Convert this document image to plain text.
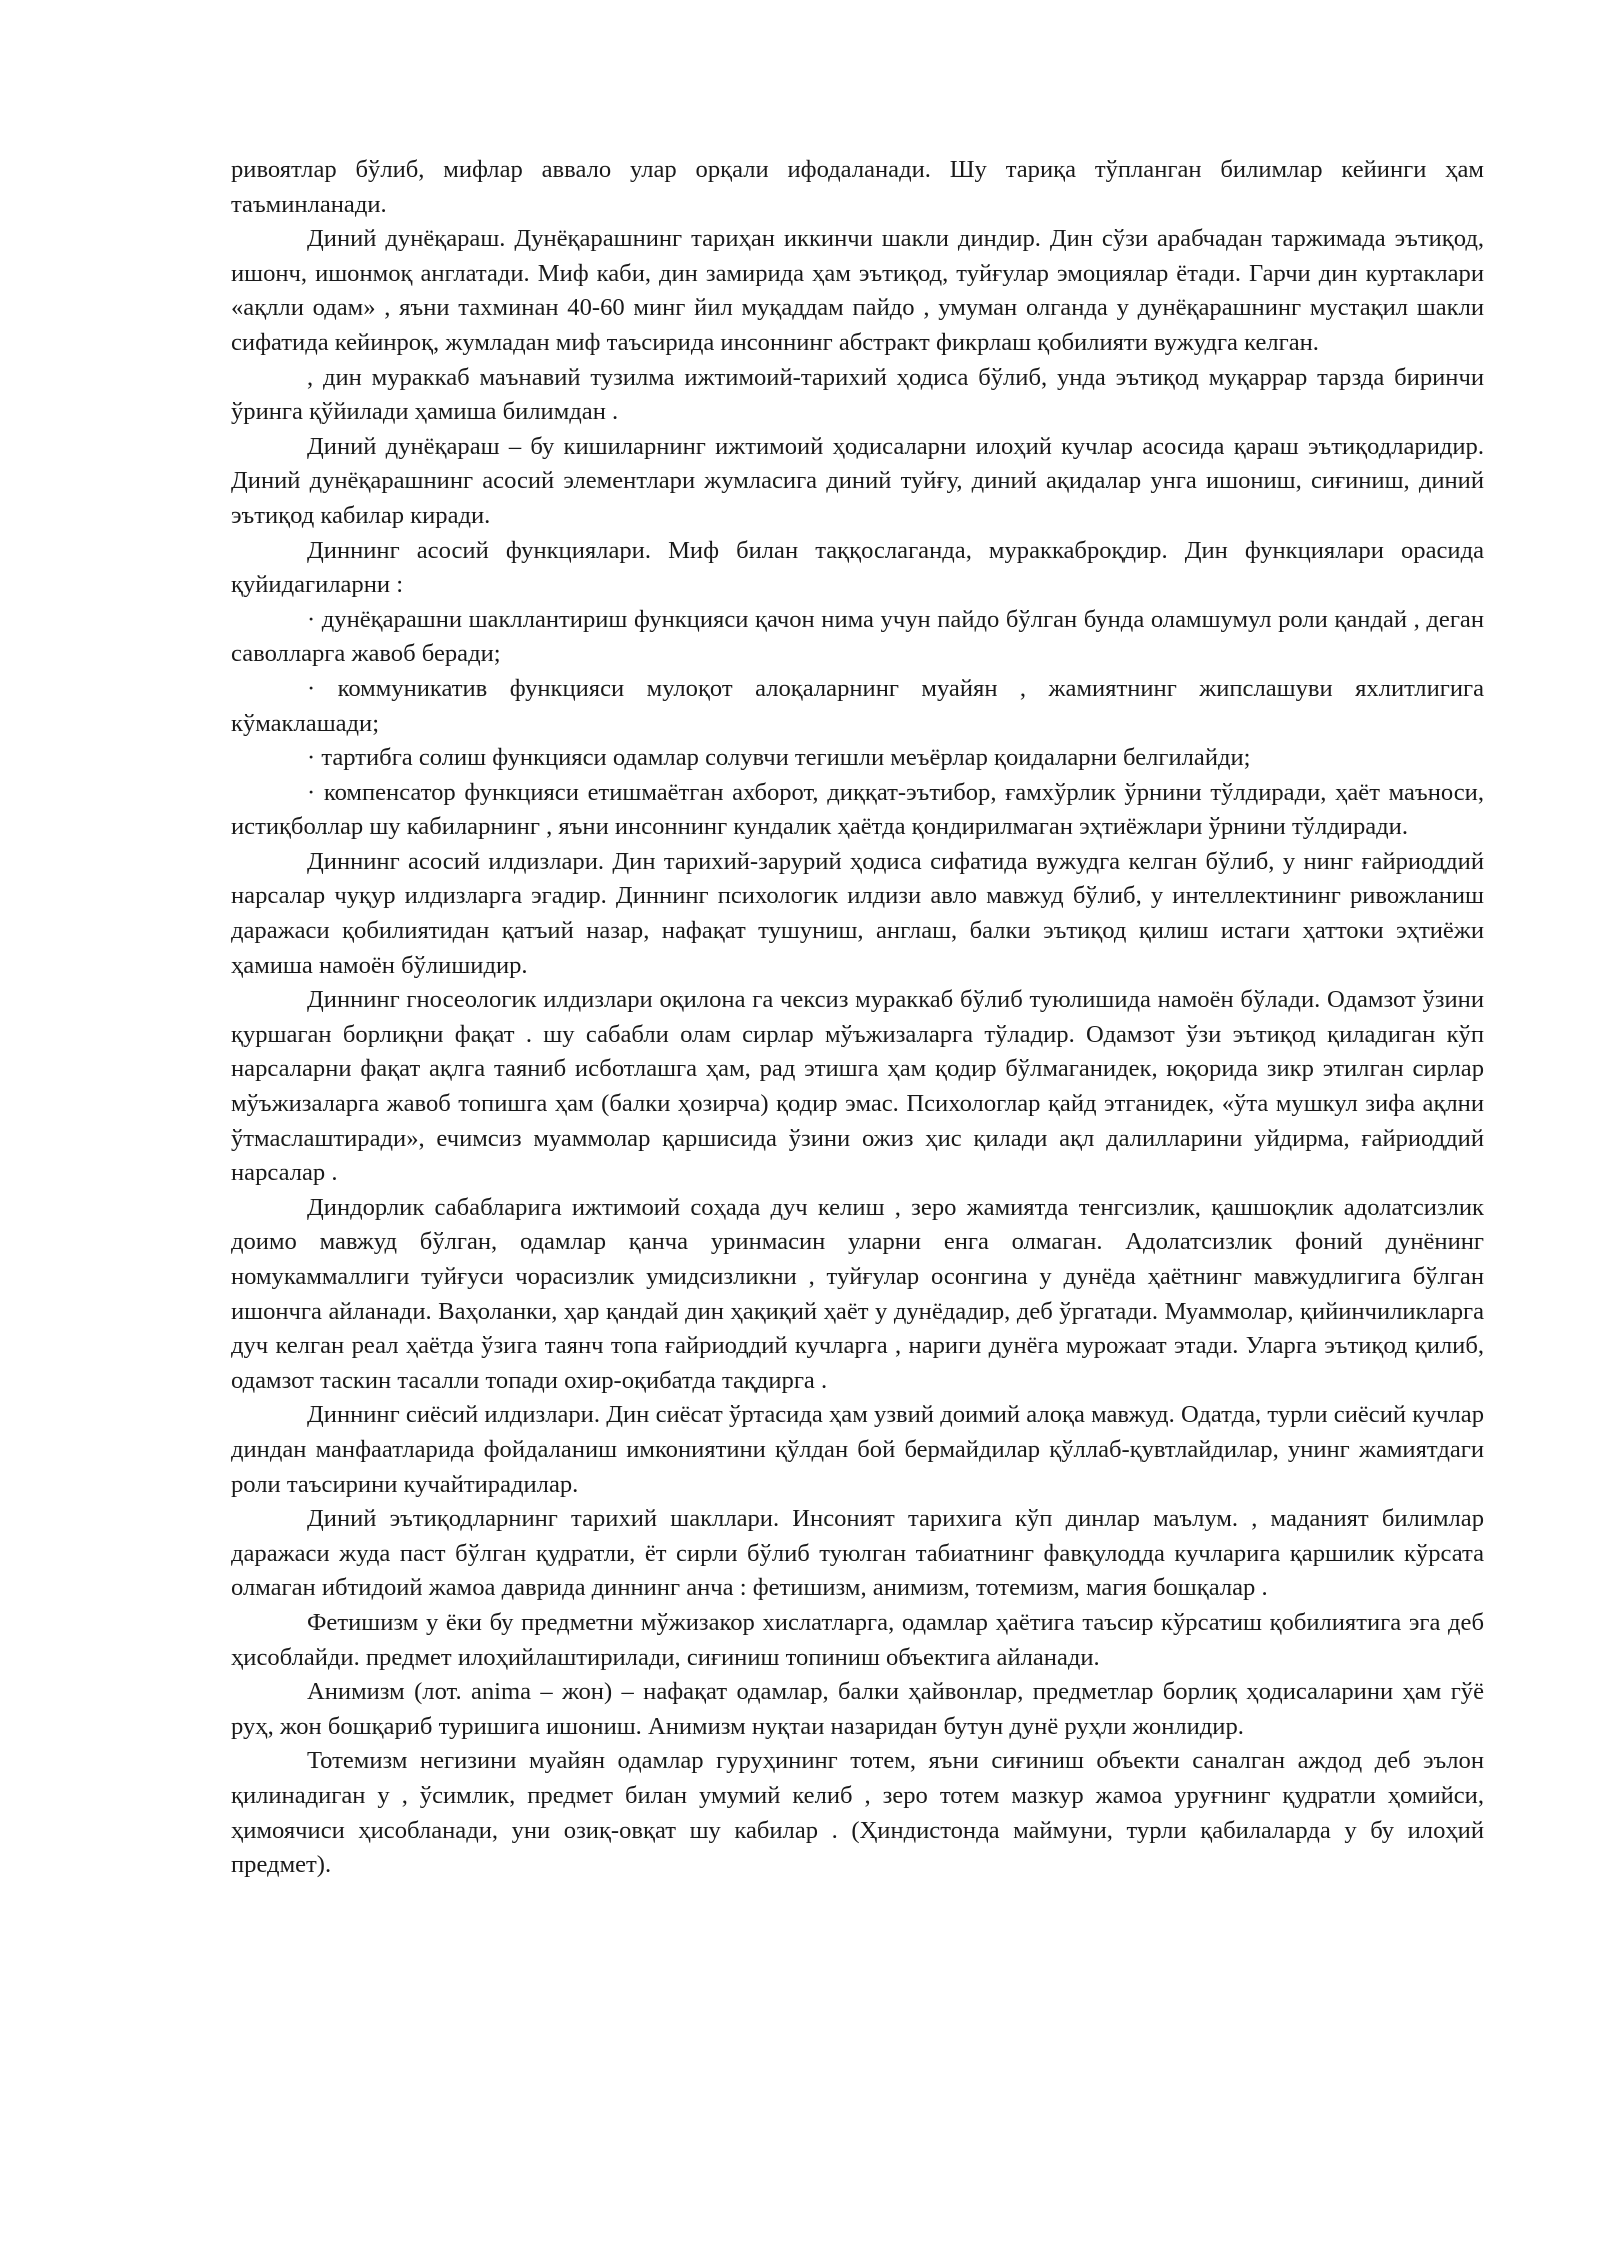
ривоятлар бўлиб, мифлар аввало улар орқали ифодаланади. Шу тариқа тўпланган билимлар кейинги ҳам таъминланади.

Диний дунёқараш. Дунёқарашнинг тариҳан иккинчи шакли диндир. Дин сўзи арабчадан таржимада эътиқод, ишонч, ишонмоқ англатади. Миф каби, дин замирида ҳам эътиқод, туйғулар эмоциялар ётади. Гарчи дин куртаклари «ақлли одам» , яъни тахминан 40-60 минг йил муқаддам пайдо , умуман олганда у дунёқарашнинг мустақил шакли сифатида кейинроқ, жумладан миф таъсирида инсоннинг абстракт фикрлаш қобилияти вужудга келган.

, дин мураккаб маънавий тузилма ижтимоий-тарихий ҳодиса бўлиб, унда эътиқод муқаррар тарзда биринчи ўринга қўйилади ҳамиша билимдан .

Диний дунёқараш – бу кишиларнинг ижтимоий ҳодисаларни илоҳий кучлар асосида қараш эътиқодларидир. Диний дунёқарашнинг асосий элементлари жумласига диний туйғу, диний ақидалар унга ишониш, сиғиниш, диний эътиқод кабилар киради.

Диннинг асосий функциялари. Миф билан таққослаганда, мураккаброқдир. Дин функциялари орасида қуйидагиларни :

· дунёқарашни шакллантириш функцияси қачон нима учун пайдо бўлган бунда оламшумул роли қандай , деган саволларга жавоб беради;

· коммуникатив функцияси мулоқот алоқаларнинг муайян , жамиятнинг жипслашуви яхлитлигига кўмаклашади;

· тартибга солиш функцияси одамлар солувчи тегишли меъёрлар қоидаларни белгилайди;

· компенсатор функцияси етишмаётган ахборот, диққат-эътибор, ғамхўрлик ўрнини тўлдиради, ҳаёт маъноси, истиқболлар шу кабиларнинг , яъни инсоннинг кундалик ҳаётда қондирилмаган эҳтиёжлари ўрнини тўлдиради.

Диннинг асосий илдизлари. Дин тарихий-зарурий ҳодиса сифатида вужудга келган бўлиб, у нинг ғайриоддий нарсалар чуқур илдизларга эгадир. Диннинг психологик илдизи авло мавжуд бўлиб, у интеллектининг ривожланиш даражаси қобилиятидан қатъий назар, нафақат тушуниш, англаш, балки эътиқод қилиш истаги ҳаттоки эҳтиёжи ҳамиша намоён бўлишидир.

Диннинг гносеологик илдизлари оқилона га чексиз мураккаб бўлиб туюлишида намоён бўлади. Одамзот ўзини қуршаган борлиқни фақат . шу сабабли олам сирлар мўъжизаларга тўладир. Одамзот ўзи эътиқод қиладиган кўп нарсаларни фақат ақлга таяниб исботлашга ҳам, рад этишга ҳам қодир бўлмаганидек, юқорида зикр этилган сирлар мўъжизаларга жавоб топишга ҳам (балки ҳозирча) қодир эмас. Психологлар қайд этганидек, «ўта мушкул зифа ақлни ўтмаслаштиради», ечимсиз муаммолар қаршисида ўзини ожиз ҳис қилади ақл далилларини уйдирма, ғайриоддий нарсалар .

Диндорлик сабабларига ижтимоий соҳада дуч келиш , зеро жамиятда тенгсизлик, қашшоқлик адолатсизлик доимо мавжуд бўлган, одамлар қанча уринмасин уларни енга олмаган. Адолатсизлик фоний дунёнинг номукаммаллиги туйғуси чорасизлик умидсизликни , туйғулар осонгина у дунёда ҳаётнинг мавжудлигига бўлган ишончга айланади. Ваҳоланки, ҳар қандай дин ҳақиқий ҳаёт у дунёдадир, деб ўргатади. Муаммолар, қийинчиликларга дуч келган реал ҳаётда ўзига таянч топа ғайриоддий кучларга , нариги дунёга мурожаат этади. Уларга эътиқод қилиб, одамзот таскин тасалли топади охир-оқибатда тақдирга .

Диннинг сиёсий илдизлари. Дин сиёсат ўртасида ҳам узвий доимий алоқа мавжуд. Одатда, турли сиёсий кучлар диндан манфаатларида фойдаланиш имкониятини қўлдан бой бермайдилар қўллаб-қувтлайдилар, унинг жамиятдаги роли таъсирини кучайтирадилар.

Диний эътиқодларнинг тарихий шакллари. Инсоният тарихига кўп динлар маълум. , маданият билимлар даражаси жуда паст бўлган қудратли, ёт сирли бўлиб туюлган табиатнинг фавқулодда кучларига қаршилик кўрсата олмаган ибтидоий жамоа даврида диннинг анча : фетишизм, анимизм, тотемизм, магия бошқалар .

Фетишизм у ёки бу предметни мўжизакор хислатларга, одамлар ҳаётига таъсир кўрсатиш қобилиятига эга деб ҳисоблайди. предмет илоҳийлаштирилади, сиғиниш топиниш объектига айланади.

Анимизм (лот. anima – жон) – нафақат одамлар, балки ҳайвонлар, предметлар борлиқ ҳодисаларини ҳам гўё руҳ, жон бошқариб туришига ишониш. Анимизм нуқтаи назаридан бутун дунё руҳли жонлидир.

Тотемизм негизини муайян одамлар гуруҳининг тотем, яъни сиғиниш объекти саналган аждод деб эълон қилинадиган у , ўсимлик, предмет билан умумий келиб , зеро тотем мазкур жамоа уруғнинг қудратли ҳомийси, ҳимоячиси ҳисобланади, уни озиқ-овқат шу кабилар . (Ҳиндистонда маймуни, турли қабилаларда у бу илоҳий предмет).
